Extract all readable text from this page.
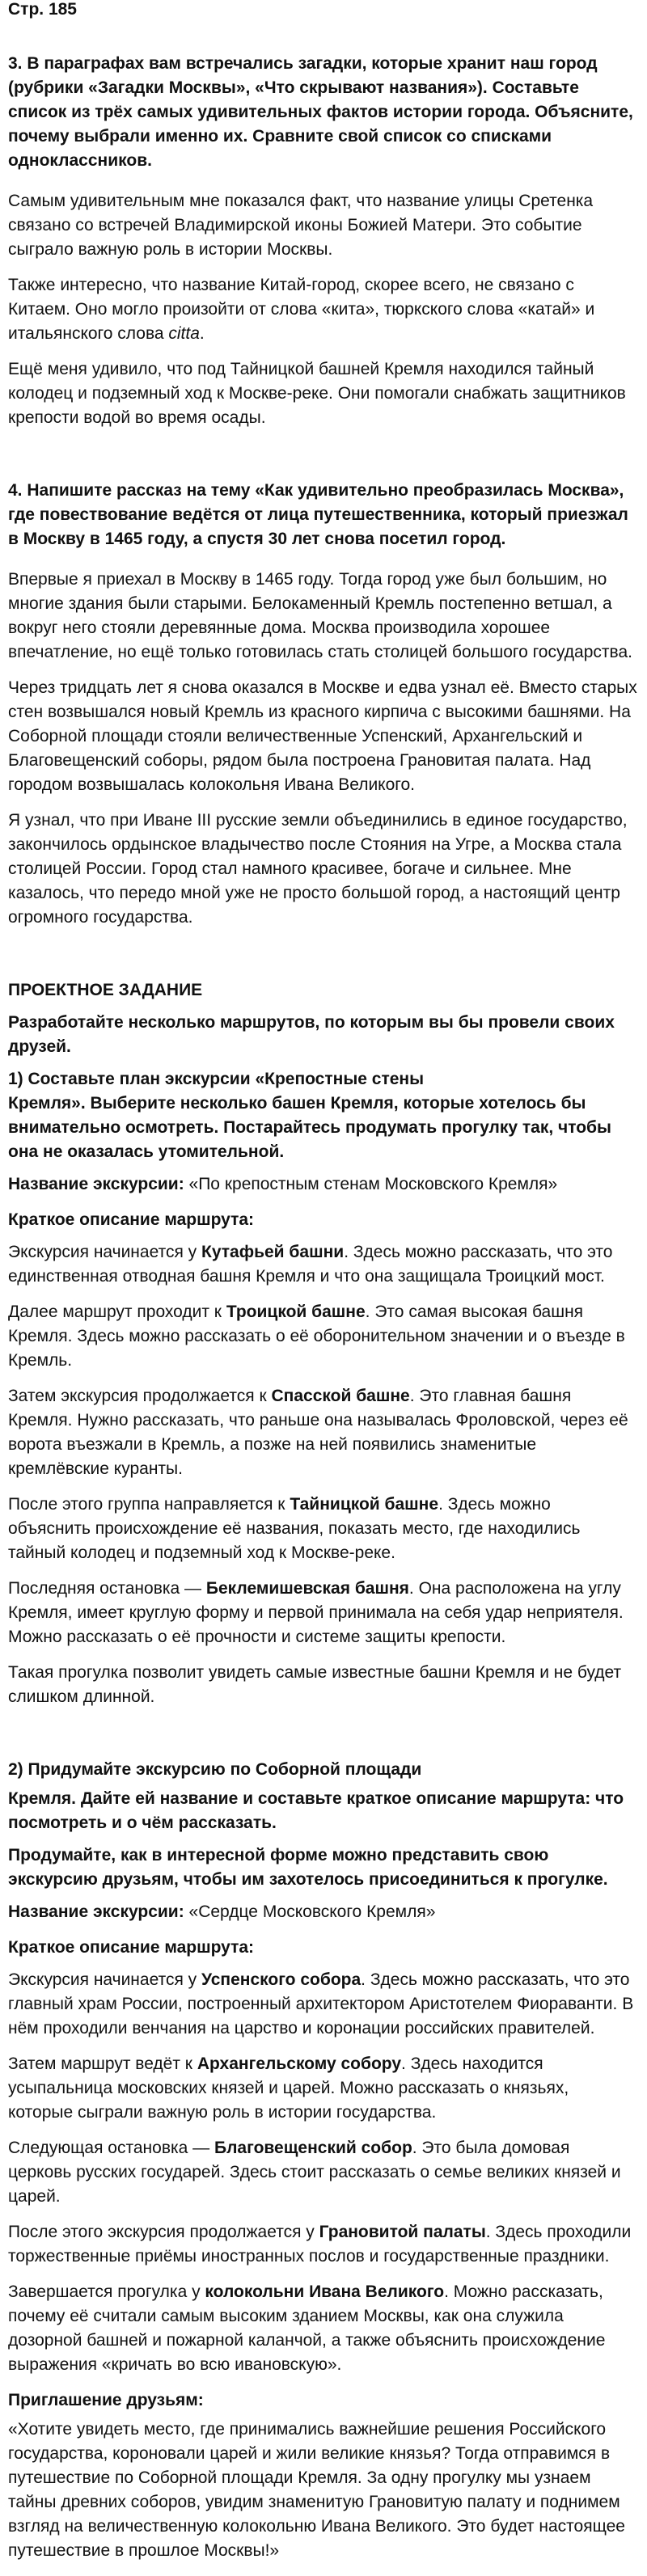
Стр. 185

3. В параграфах вам встречались загадки, которые хранит наш город (рубрики «Загадки Москвы», «Что скрывают названия»). Составьте список из трёх самых удивительных фактов истории города. Объясните, почему выбрали именно их. Сравните свой список со списками одноклассников.

Самым удивительным мне показался факт, что название улицы Сретенка связано со встречей Владимирской иконы Божией Матери. Это событие сыграло важную роль в истории Москвы.

Также интересно, что название Китай-город, скорее всего, не связано с Китаем. Оно могло произойти от слова «кита», тюркского слова «катай» и итальянского слова citta.

Ещё меня удивило, что под Тайницкой башней Кремля находился тайный колодец и подземный ход к Москве-реке. Они помогали снабжать защитников крепости водой во время осады.

4. Напишите рассказ на тему «Как удивительно преобразилась Москва», где повествование ведётся от лица путешественника, который приезжал в Москву в 1465 году, а спустя 30 лет снова посетил город.

Впервые я приехал в Москву в 1465 году. Тогда город уже был большим, но многие здания были старыми. Белокаменный Кремль постепенно ветшал, а вокруг него стояли деревянные дома. Москва производила хорошее впечатление, но ещё только готовилась стать столицей большого государства.

Через тридцать лет я снова оказался в Москве и едва узнал её. Вместо старых стен возвышался новый Кремль из красного кирпича с высокими башнями. На Соборной площади стояли величественные Успенский, Архангельский и Благовещенский соборы, рядом была построена Грановитая палата. Над городом возвышалась колокольня Ивана Великого.

Я узнал, что при Иване III русские земли объединились в единое государство, закончилось ордынское владычество после Стояния на Угре, а Москва стала столицей России. Город стал намного красивее, богаче и сильнее. Мне казалось, что передо мной уже не просто большой город, а настоящий центр огромного государства.

ПРОЕКТНОЕ ЗАДАНИЕ

Разработайте несколько маршрутов, по которым вы бы провели своих друзей.

1) Составьте план экскурсии «Крепостные стены

Кремля». Выберите несколько башен Кремля, которые хотелось бы внимательно осмотреть. Постарайтесь продумать прогулку так, чтобы она не оказалась утомительной.

Название экскурсии: «По крепостным стенам Московского Кремля»

Краткое описание маршрута:

Экскурсия начинается у Кутафьей башни. Здесь можно рассказать, что это единственная отводная башня Кремля и что она защищала Троицкий мост.

Далее маршрут проходит к Троицкой башне. Это самая высокая башня Кремля. Здесь можно рассказать о её оборонительном значении и о въезде в Кремль.

Затем экскурсия продолжается к Спасской башне. Это главная башня Кремля. Нужно рассказать, что раньше она называлась Фроловской, через её ворота въезжали в Кремль, а позже на ней появились знаменитые кремлёвские куранты.

После этого группа направляется к Тайницкой башне. Здесь можно объяснить происхождение её названия, показать место, где находились тайный колодец и подземный ход к Москве-реке.

Последняя остановка — Беклемишевская башня. Она расположена на углу Кремля, имеет круглую форму и первой принимала на себя удар неприятеля. Можно рассказать о её прочности и системе защиты крепости.

Такая прогулка позволит увидеть самые известные башни Кремля и не будет слишком длинной.

2) Придумайте экскурсию по Соборной площади

Кремля. Дайте ей название и составьте краткое описание маршрута: что посмотреть и о чём рассказать.

Продумайте, как в интересной форме можно представить свою экскурсию друзьям, чтобы им захотелось присоединиться к прогулке.

Название экскурсии: «Сердце Московского Кремля»

Краткое описание маршрута:

Экскурсия начинается у Успенского собора. Здесь можно рассказать, что это главный храм России, построенный архитектором Аристотелем Фиораванти. В нём проходили венчания на царство и коронации российских правителей.

Затем маршрут ведёт к Архангельскому собору. Здесь находится усыпальница московских князей и царей. Можно рассказать о князьях, которые сыграли важную роль в истории государства.

Следующая остановка — Благовещенский собор. Это была домовая церковь русских государей. Здесь стоит рассказать о семье великих князей и царей.

После этого экскурсия продолжается у Грановитой палаты. Здесь проходили торжественные приёмы иностранных послов и государственные праздники.

Завершается прогулка у колокольни Ивана Великого. Можно рассказать, почему её считали самым высоким зданием Москвы, как она служила дозорной башней и пожарной каланчой, а также объяснить происхождение выражения «кричать во всю ивановскую».

Приглашение друзьям:

«Хотите увидеть место, где принимались важнейшие решения Российского государства, короновали царей и жили великие князья? Тогда отправимся в путешествие по Соборной площади Кремля. За одну прогулку мы узнаем тайны древних соборов, увидим знаменитую Грановитую палату и поднимем взгляд на величественную колокольню Ивана Великого. Это будет настоящее путешествие в прошлое Москвы!»
